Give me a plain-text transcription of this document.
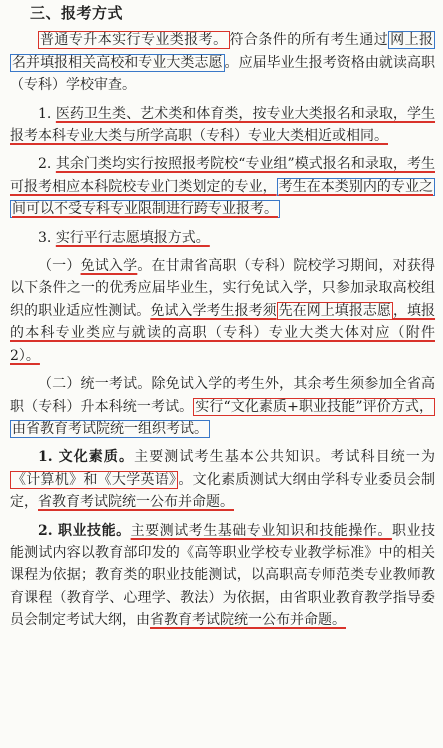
三、报考方式

普通专升本实行专业类报考。 符合条件的所有考生通过 网上报名并填报相关高校和专业大类志愿 。应届毕业生报考资格由就读高职（专科）学校审查。

1. 医药卫生类、艺术类和体育类，按专业大类报名和录取，学生报考本科专业大类与所学高职（专科）专业大类相近或相同。

2. 其余门类均实行按照报考院校“专业组”模式报名和录取，考生可报考相应本科院校专业门类划定的专业， 考生在本类别内的专业之间可以不受专科专业限制进行跨专业报考。

3. 实行平行志愿填报方式。

（一）免试入学。在甘肃省高职（专科）院校学习期间，对获得以下条件之一的优秀应届毕业生，实行免试入学，只参加录取高校组织的职业适应性测试。免试入学考生报考须 先在网上填报志愿 ，填报的本科专业类应与就读的高职（专科）专业大类大体对应（附件 2）。

（二）统一考试。除免试入学的考生外，其余考生须参加全省高职（专科）升本科统一考试。 实行“文化素质+职业技能”评价方式，由省教育考试院统一组织考试。

1. 文化素质。主要测试考生基本公共知识。考试科目统一为《计算机》和《大学英语》 。文化素质测试大纲由学科专业委员会制定，省教育考试院统一公布并命题。

2. 职业技能。主要测试考生基础专业知识和技能操作。职业技能测试内容以教育部印发的《高等职业学校专业教学标准》中的相关课程为依据；教育类的职业技能测试，以高职高专师范类专业教师教育课程（教育学、心理学、教法）为依据，由省职业教育教学指导委员会制定考试大纲，由省教育考试院统一公布并命题。
